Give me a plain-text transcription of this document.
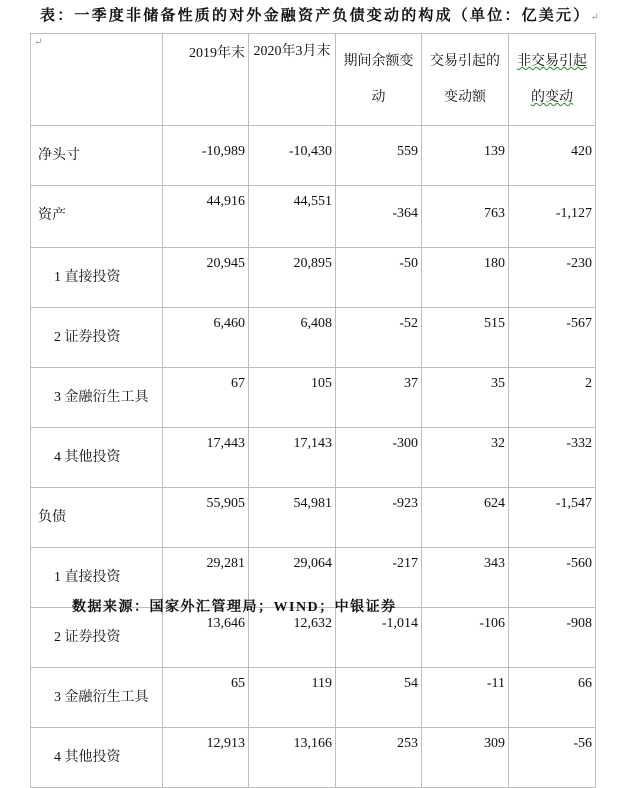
表：一季度非储备性质的对外金融资产负债变动的构成（单位：亿美元）↵
↵	2019年末	2020年3月末	期间余额变动	交易引起的变动额	非交易引起的变动
净头寸	-10,989	-10,430	559	139	420
资产	44,916	44,551	-364	763	-1,127
1 直接投资	20,945	20,895	-50	180	-230
2 证券投资	6,460	6,408	-52	515	-567
3 金融衍生工具	67	105	37	35	2
4 其他投资	17,443	17,143	-300	32	-332
负债	55,905	54,981	-923	624	-1,547
1 直接投资	29,281	29,064	-217	343	-560
2 证券投资	13,646	12,632	-1,014	-106	-908
3 金融衍生工具	65	119	54	-11	66
4 其他投资	12,913	13,166	253	309	-56
数据来源：国家外汇管理局；WIND；中银证券
